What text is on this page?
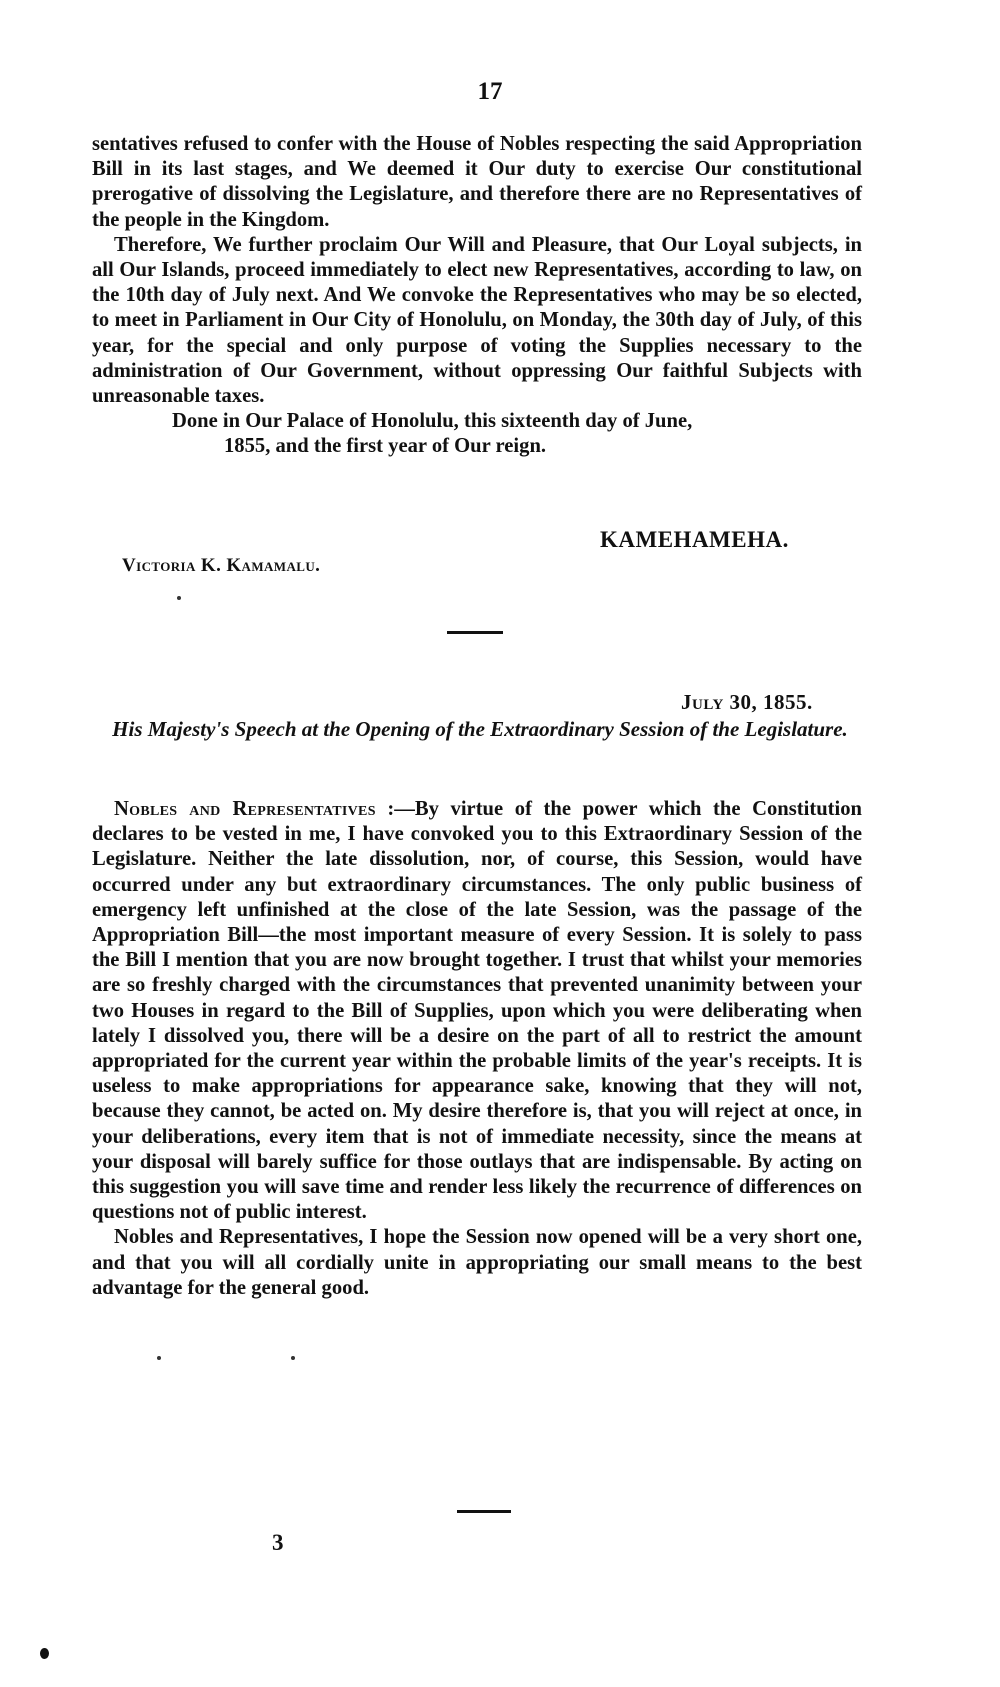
17

sentatives refused to confer with the House of Nobles respecting the said Appropriation Bill in its last stages, and We deemed it Our duty to exercise Our constitutional prerogative of dissolving the Legislature, and therefore there are no Representatives of the people in the Kingdom.

Therefore, We further proclaim Our Will and Pleasure, that Our Loyal subjects, in all Our Islands, proceed immediately to elect new Representatives, according to law, on the 10th day of July next. And We convoke the Representatives who may be so elected, to meet in Parliament in Our City of Honolulu, on Monday, the 30th day of July, of this year, for the special and only purpose of voting the Supplies necessary to the administration of Our Government, without oppressing Our faithful Subjects with unreasonable taxes.

Done in Our Palace of Honolulu, this sixteenth day of June,

1855, and the first year of Our reign.

KAMEHAMEHA.
Victoria K. Kamamalu.
July 30, 1855.
His Majesty's Speech at the Opening of the Extraordinary Session of the Legislature.

Nobles and Representatives :—By virtue of the power which the Constitution declares to be vested in me, I have convoked you to this Extraordinary Session of the Legislature. Neither the late dissolution, nor, of course, this Session, would have occurred under any but extraordinary circumstances. The only public business of emergency left unfinished at the close of the late Session, was the passage of the Appropriation Bill—the most important measure of every Session. It is solely to pass the Bill I mention that you are now brought together. I trust that whilst your memories are so freshly charged with the circumstances that prevented unanimity between your two Houses in regard to the Bill of Supplies, upon which you were deliberating when lately I dissolved you, there will be a desire on the part of all to restrict the amount appropriated for the current year within the probable limits of the year's receipts. It is useless to make appropriations for appearance sake, knowing that they will not, because they cannot, be acted on. My desire therefore is, that you will reject at once, in your deliberations, every item that is not of immediate necessity, since the means at your disposal will barely suffice for those outlays that are indispensable. By acting on this suggestion you will save time and render less likely the recurrence of differences on questions not of public interest.

Nobles and Representatives, I hope the Session now opened will be a very short one, and that you will all cordially unite in appropriating our small means to the best advantage for the general good.

3
